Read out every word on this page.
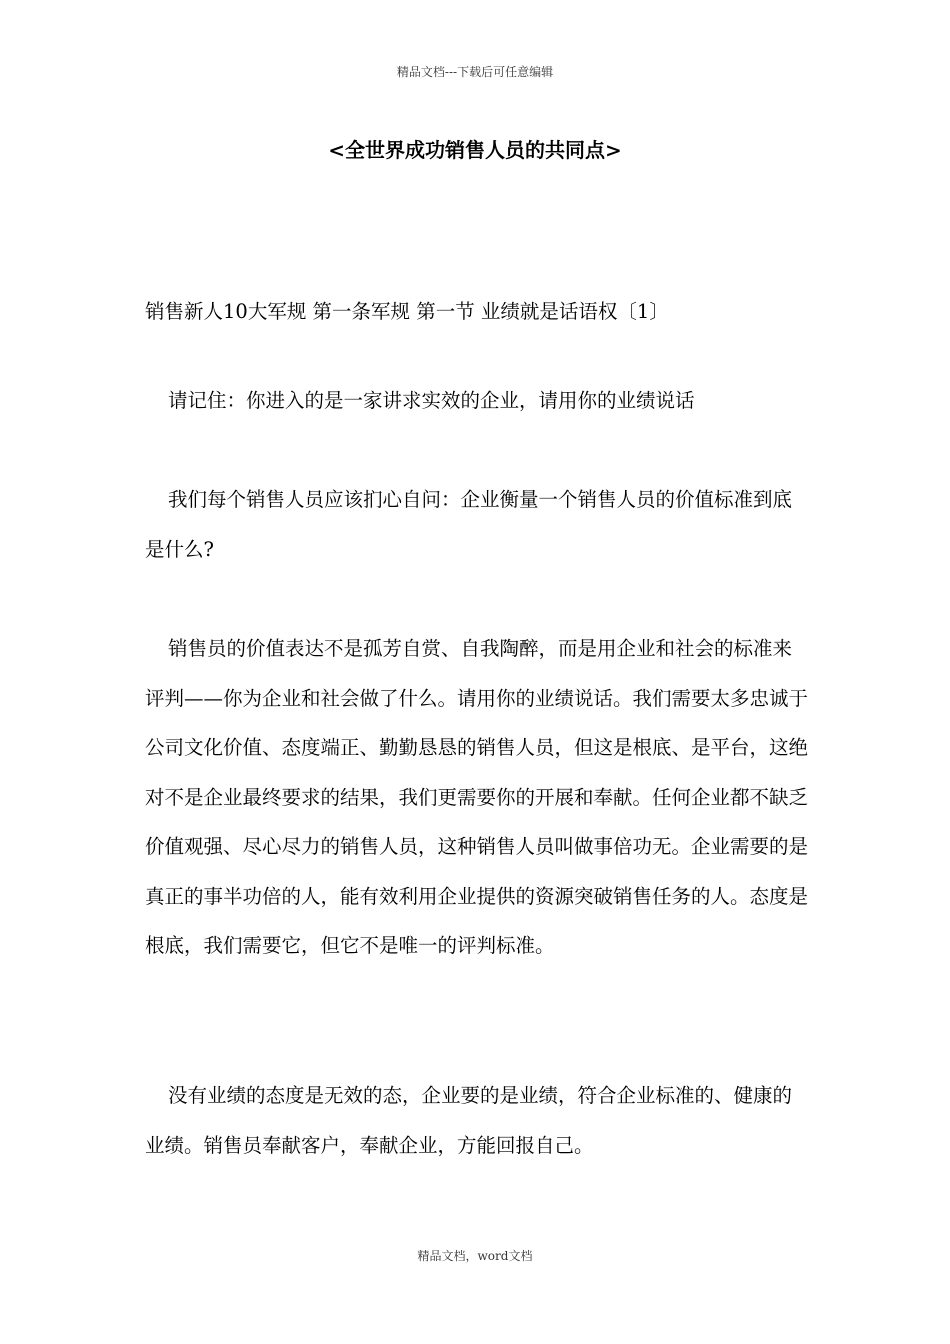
精品文档---下载后可任意编辑
<全世界成功销售人员的共同点>

销售新人10大军规 第一条军规 第一节 业绩就是话语权〔1〕

请记住：你进入的是一家讲求实效的企业，请用你的业绩说话

我们每个销售人员应该扪心自问：企业衡量一个销售人员的价值标准到底是什么?

销售员的价值表达不是孤芳自赏、自我陶醉，而是用企业和社会的标准来评判——你为企业和社会做了什么。请用你的业绩说话。我们需要太多忠诚于公司文化价值、态度端正、勤勤恳恳的销售人员，但这是根底、是平台，这绝对不是企业最终要求的结果，我们更需要你的开展和奉献。任何企业都不缺乏价值观强、尽心尽力的销售人员，这种销售人员叫做事倍功无。企业需要的是真正的事半功倍的人，能有效利用企业提供的资源突破销售任务的人。态度是根底，我们需要它，但它不是唯一的评判标准。

没有业绩的态度是无效的态，企业要的是业绩，符合企业标准的、健康的业绩。销售员奉献客户，奉献企业，方能回报自己。

精品文档，word文档
